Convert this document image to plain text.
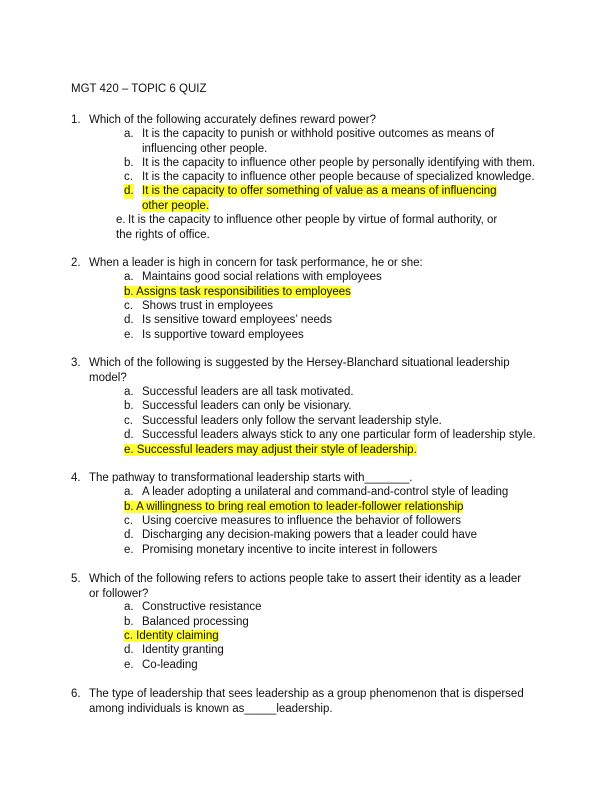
MGT 420 – TOPIC 6 QUIZ
1. Which of the following accurately defines reward power?
a. It is the capacity to punish or withhold positive outcomes as means of influencing other people.
b. It is the capacity to influence other people by personally identifying with them.
c. It is the capacity to influence other people because of specialized knowledge.
d. It is the capacity to offer something of value as a means of influencing other people.
e. It is the capacity to influence other people by virtue of formal authority, or the rights of office.
2. When a leader is high in concern for task performance, he or she:
a. Maintains good social relations with employees
b. Assigns task responsibilities to employees
c. Shows trust in employees
d. Is sensitive toward employees’ needs
e. Is supportive toward employees
3. Which of the following is suggested by the Hersey-Blanchard situational leadership model?
a. Successful leaders are all task motivated.
b. Successful leaders can only be visionary.
c. Successful leaders only follow the servant leadership style.
d. Successful leaders always stick to any one particular form of leadership style.
e. Successful leaders may adjust their style of leadership.
4. The pathway to transformational leadership starts with_______.
a. A leader adopting a unilateral and command-and-control style of leading
b. A willingness to bring real emotion to leader-follower relationship
c. Using coercive measures to influence the behavior of followers
d. Discharging any decision-making powers that a leader could have
e. Promising monetary incentive to incite interest in followers
5. Which of the following refers to actions people take to assert their identity as a leader or follower?
a. Constructive resistance
b. Balanced processing
c. Identity claiming
d. Identity granting
e. Co-leading
6. The type of leadership that sees leadership as a group phenomenon that is dispersed among individuals is known as_____leadership.
